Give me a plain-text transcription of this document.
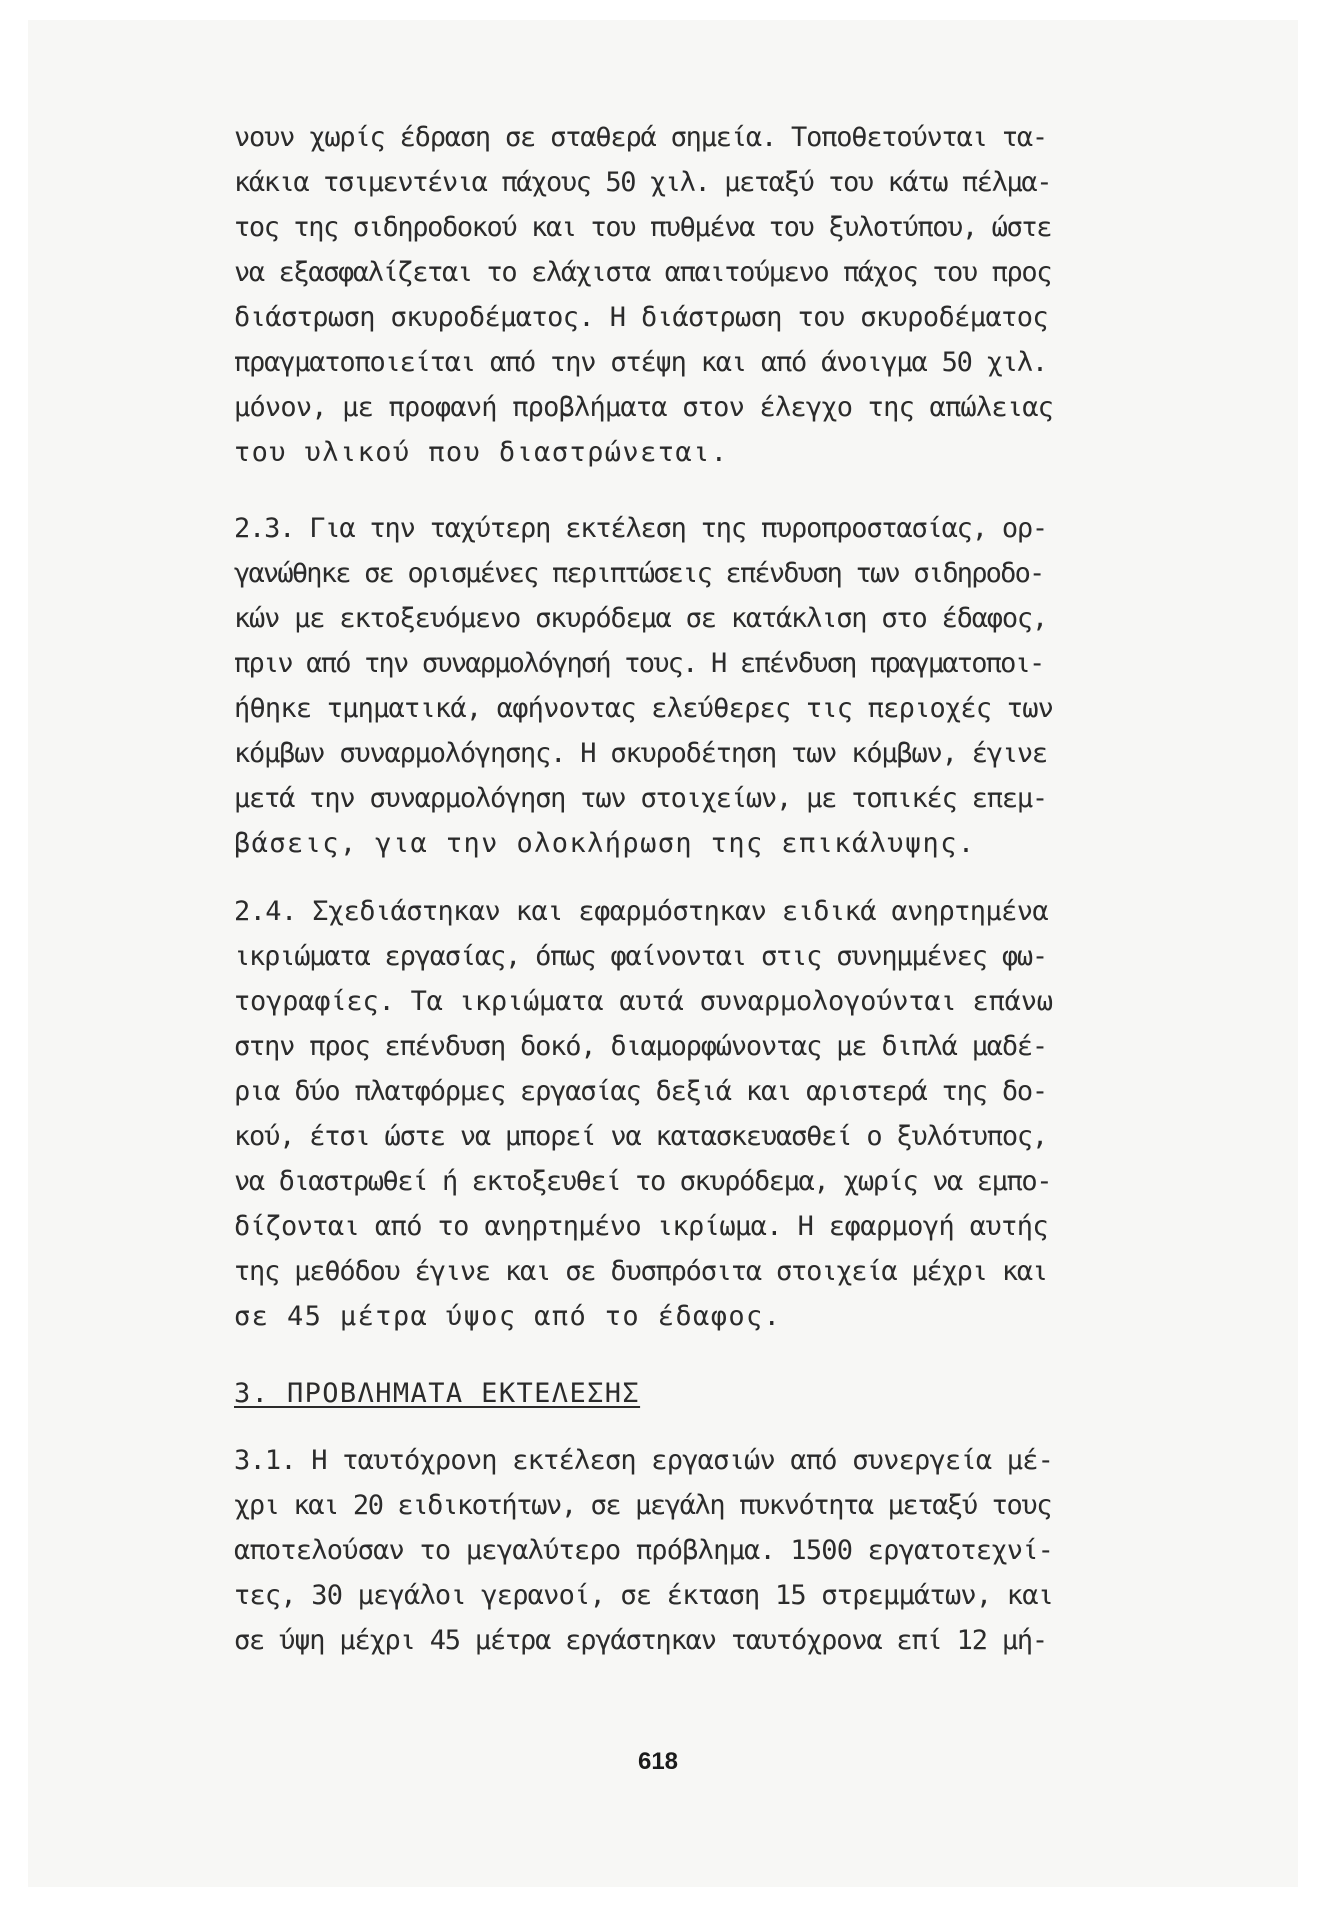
νουν χωρίς έδραση σε σταθερά σημεία. Τοποθετούνται τα-
κάκια τσιμεντένια πάχους 50 χιλ. μεταξύ του κάτω πέλμα-
τος της σιδηροδοκού και του πυθμένα του ξυλοτύπου, ώστε
να εξασφαλίζεται το ελάχιστα απαιτούμενο πάχος του προς
διάστρωση σκυροδέματος. Η διάστρωση του σκυροδέματος
πραγματοποιείται από την στέψη και από άνοιγμα 50 χιλ.
μόνον, με προφανή προβλήματα στον έλεγχο της απώλειας
του υλικού που διαστρώνεται.
2.3. Για την ταχύτερη εκτέλεση της πυροπροστασίας, ορ-
γανώθηκε σε ορισμένες περιπτώσεις επένδυση των σιδηροδο-
κών με εκτοξευόμενο σκυρόδεμα σε κατάκλιση στο έδαφος,
πριν από την συναρμολόγησή τους. Η επένδυση πραγματοποι-
ήθηκε τμηματικά, αφήνοντας ελεύθερες τις περιοχές των
κόμβων συναρμολόγησης. Η σκυροδέτηση των κόμβων, έγινε
μετά την συναρμολόγηση των στοιχείων, με τοπικές επεμ-
βάσεις, για την ολοκλήρωση της επικάλυψης.
2.4. Σχεδιάστηκαν και εφαρμόστηκαν ειδικά ανηρτημένα
ικριώματα εργασίας, όπως φαίνονται στις συνημμένες φω-
τογραφίες. Τα ικριώματα αυτά συναρμολογούνται επάνω
στην προς επένδυση δοκό, διαμορφώνοντας με διπλά μαδέ-
ρια δύο πλατφόρμες εργασίας δεξιά και αριστερά της δο-
κού, έτσι ώστε να μπορεί να κατασκευασθεί ο ξυλότυπος,
να διαστρωθεί ή εκτοξευθεί το σκυρόδεμα, χωρίς να εμπο-
δίζονται από το ανηρτημένο ικρίωμα. Η εφαρμογή αυτής
της μεθόδου έγινε και σε δυσπρόσιτα στοιχεία μέχρι και
σε 45 μέτρα ύψος από το έδαφος.
3. ΠΡΟΒΛΗΜΑΤΑ ΕΚΤΕΛΕΣΗΣ
3.1. Η ταυτόχρονη εκτέλεση εργασιών από συνεργεία μέ-
χρι και 20 ειδικοτήτων, σε μεγάλη πυκνότητα μεταξύ τους
αποτελούσαν το μεγαλύτερο πρόβλημα. 1500 εργατοτεχνί-
τες, 30 μεγάλοι γερανοί, σε έκταση 15 στρεμμάτων, και
σε ύψη μέχρι 45 μέτρα εργάστηκαν ταυτόχρονα επί 12 μή-
618
